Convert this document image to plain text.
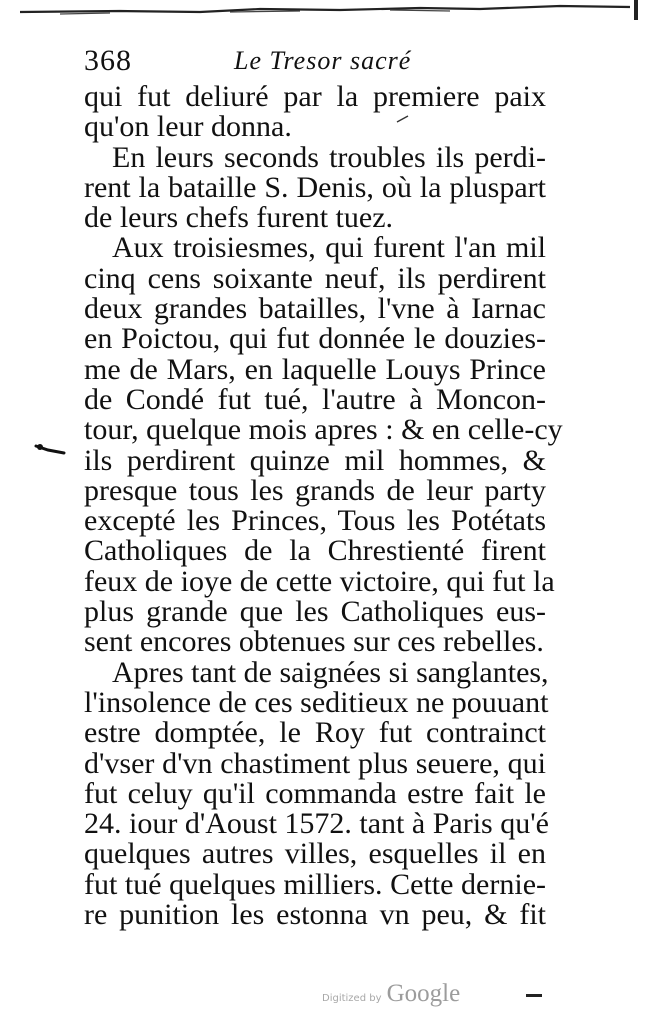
368	Le Tresor sacré
qui fut deliuré par la premiere paix
qu'on leur donna.
En leurs seconds troubles ils perdi-
rent la bataille S. Denis, où la pluspart
de leurs chefs furent tuez.
Aux troisiesmes, qui furent l'an mil
cinq cens soixante neuf, ils perdirent
deux grandes batailles, l'vne à Iarnac
en Poictou, qui fut donnée le douzies-
me de Mars, en laquelle Louys Prince
de Condé fut tué, l'autre à Moncon-
tour, quelque mois apres : & en celle-cy
ils perdirent quinze mil hommes, &
presque tous les grands de leur party
excepté les Princes, Tous les Potétats
Catholiques de la Chrestienté firent
feux de ioye de cette victoire, qui fut la
plus grande que les Catholiques eus-
sent encores obtenues sur ces rebelles.
Apres tant de saignées si sanglantes,
l'insolence de ces seditieux ne pouuant
estre domptée, le Roy fut contrainct
d'vser d'vn chastiment plus seuere, qui
fut celuy qu'il commanda estre fait le
24. iour d'Aoust 1572. tant à Paris qu'é
quelques autres villes, esquelles il en
fut tué quelques milliers. Cette dernie-
re punition les estonna vn peu, & fit
Digitized by Google
